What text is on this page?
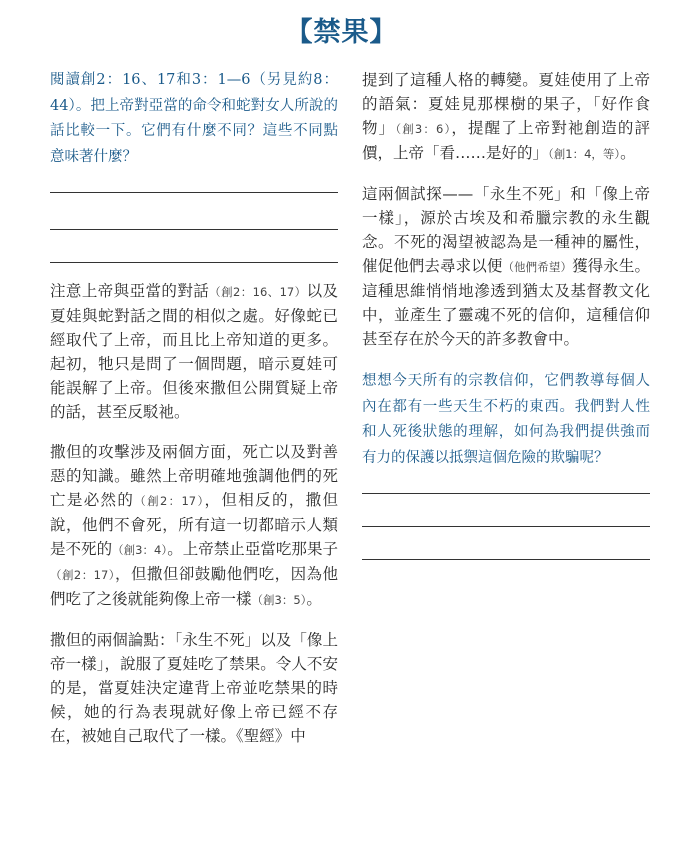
【禁果】

閱讀創2：16、17和3：1—6（另見約8：44）。把上帝對亞當的命令和蛇對女人所說的話比較一下。它們有什麼不同？這些不同點意味著什麼？

注意上帝與亞當的對話（創2：16、17）以及夏娃與蛇對話之間的相似之處。好像蛇已經取代了上帝，而且比上帝知道的更多。起初，牠只是問了一個問題，暗示夏娃可能誤解了上帝。但後來撒但公開質疑上帝的話，甚至反駁祂。

撒但的攻擊涉及兩個方面，死亡以及對善惡的知識。雖然上帝明確地強調他們的死亡是必然的（創2：17），但相反的，撒但說，他們不會死，所有這一切都暗示人類是不死的（創3：4）。上帝禁止亞當吃那果子（創2：17），但撒但卻鼓勵他們吃，因為他們吃了之後就能夠像上帝一樣（創3：5）。

撒但的兩個論點：「永生不死」以及「像上帝一樣」，說服了夏娃吃了禁果。令人不安的是，當夏娃決定違背上帝並吃禁果的時候，她的行為表現就好像上帝已經不存在，被她自己取代了一樣。《聖經》中

提到了這種人格的轉變。夏娃使用了上帝的語氣：夏娃見那棵樹的果子，「好作食物」（創3：6），提醒了上帝對祂創造的評價，上帝「看……是好的」（創1：4，等）。

這兩個試探——「永生不死」和「像上帝一樣」，源於古埃及和希臘宗教的永生觀念。不死的渴望被認為是一種神的屬性，催促他們去尋求以便（他們希望）獲得永生。這種思維悄悄地滲透到猶太及基督教文化中，並產生了靈魂不死的信仰，這種信仰甚至存在於今天的許多教會中。

想想今天所有的宗教信仰，它們教導每個人內在都有一些天生不朽的東西。我們對人性和人死後狀態的理解，如何為我們提供強而有力的保護以抵禦這個危險的欺騙呢？
